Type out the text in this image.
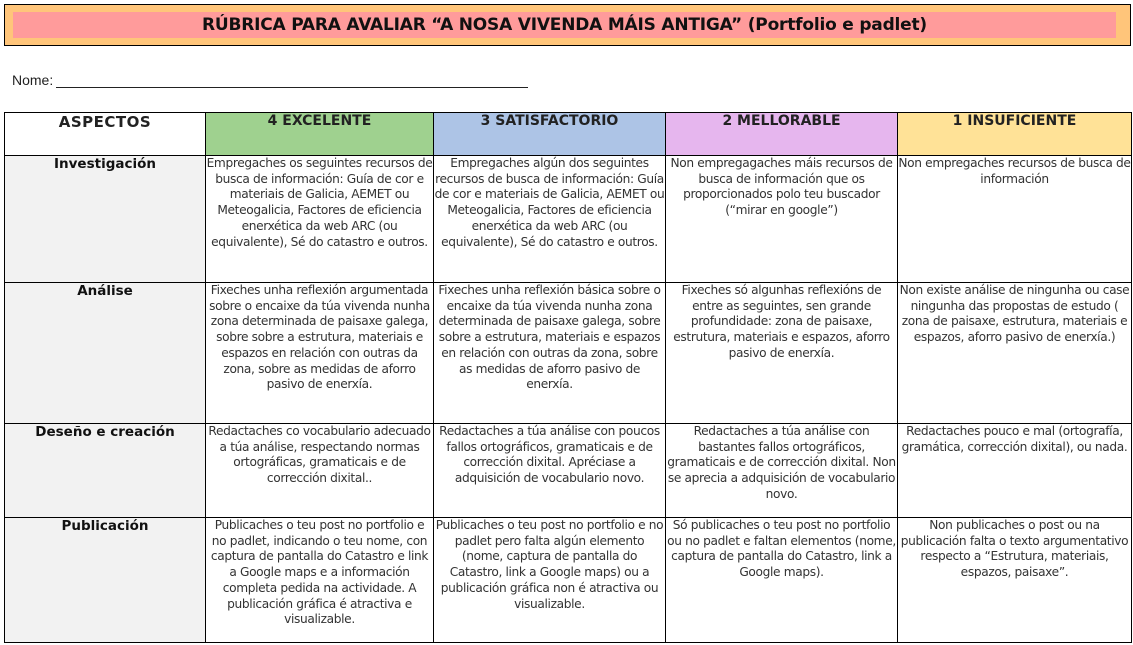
RÚBRICA PARA AVALIAR “A NOSA VIVENDA MÁIS ANTIGA” (Portfolio e padlet)
Nome:
ASPECTOS	4 EXCELENTE	3 SATISFACTORIO	2 MELLORABLE	1 INSUFICIENTE
Investigación	Empregaches os seguintes recursos de busca de información: Guía de cor e materiais de Galicia, AEMET ou Meteogalicia, Factores de eficiencia enerxética da web ARC (ou equivalente), Sé do catastro e outros.	Empregaches algún dos seguintes recursos de busca de información: Guía de cor e materiais de Galicia, AEMET ou Meteogalicia, Factores de eficiencia enerxética da web ARC (ou equivalente), Sé do catastro e outros.	Non empregagaches máis recursos de busca de información que os proporcionados polo teu buscador (“mirar en google”)	Non empregaches recursos de busca de información
Análise	Fixeches unha reflexión argumentada sobre o encaixe da túa vivenda nunha zona determinada de paisaxe galega, sobre sobre a estrutura, materiais e espazos en relación con outras da zona, sobre as medidas de aforro pasivo de enerxía.	Fixeches unha reflexión básica sobre o encaixe da túa vivenda nunha zona determinada de paisaxe galega, sobre sobre a estrutura, materiais e espazos en relación con outras da zona, sobre as medidas de aforro pasivo de enerxía.	Fixeches só algunhas reflexións de entre as seguintes, sen grande profundidade: zona de paisaxe, estrutura, materiais e espazos, aforro pasivo de enerxía.	Non existe análise de ningunha ou case ningunha das propostas de estudo ( zona de paisaxe, estrutura, materiais e espazos, aforro pasivo de enerxía.)
Deseño e creación	Redactaches co vocabulario adecuado a túa análise, respectando normas ortográficas, gramaticais e de corrección dixital..	Redactaches a túa análise con poucos fallos ortográficos, gramaticais e de corrección dixital. Apréciase a adquisición de vocabulario novo.	Redactaches a túa análise con bastantes fallos ortográficos, gramaticais e de corrección dixital. Non se aprecia a adquisición de vocabulario novo.	Redactaches pouco e mal (ortografía, gramática, corrección dixital), ou nada.
Publicación	Publicaches o teu post no portfolio e no padlet, indicando o teu nome, con captura de pantalla do Catastro e link a Google maps e a información completa pedida na actividade. A publicación gráfica é atractiva e visualizable.	Publicaches o teu post no portfolio e no padlet pero falta algún elemento (nome, captura de pantalla do Catastro, link a Google maps) ou a publicación gráfica non é atractiva ou visualizable.	Só publicaches o teu post no portfolio ou no padlet e faltan elementos (nome, captura de pantalla do Catastro, link a Google maps).	Non publicaches o post ou na publicación falta o texto argumentativo respecto a “Estrutura, materiais, espazos, paisaxe”.
